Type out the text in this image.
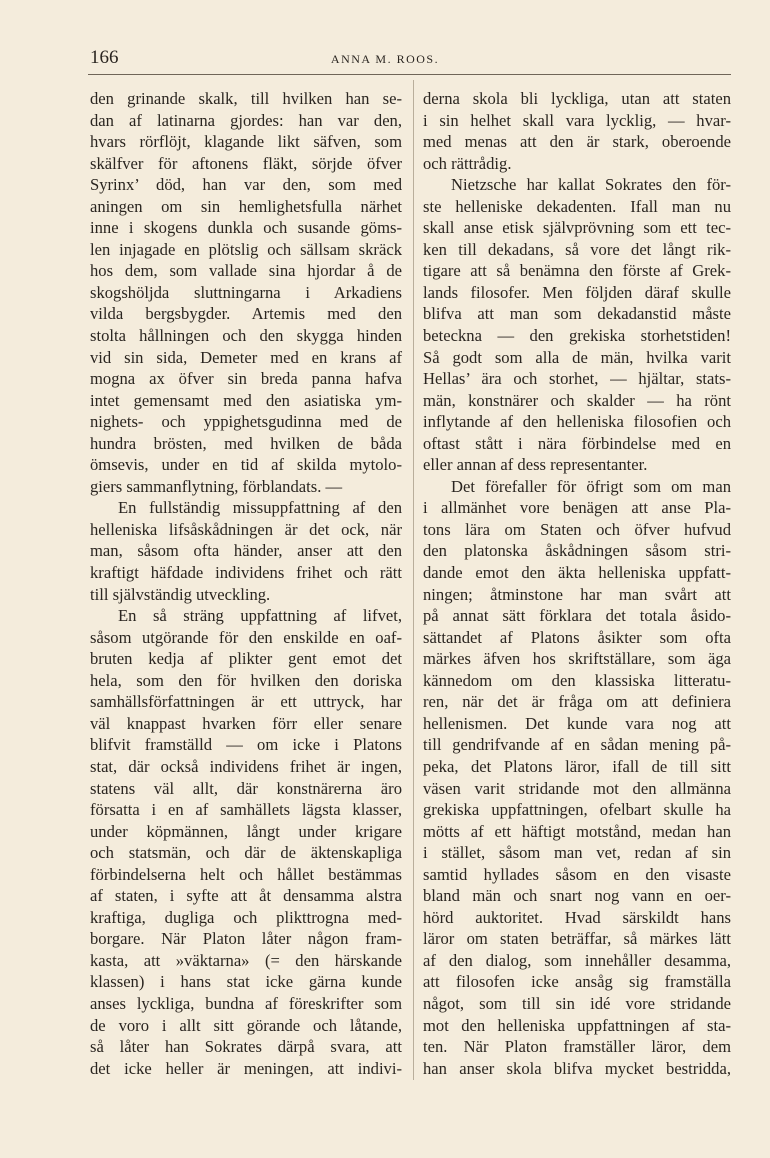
166	ANNA M. ROOS.
den grinande skalk, till hvilken han se-
dan af latinarna gjordes: han var den,
hvars rörflöjt, klagande likt säfven, som
skälfver för aftonens fläkt, sörjde öfver
Syrinx’ död, han var den, som med
aningen om sin hemlighetsfulla närhet
inne i skogens dunkla och susande göms-
len injagade en plötslig och sällsam skräck
hos dem, som vallade sina hjordar å de
skogshöljda sluttningarna i Arkadiens
vilda bergsbygder. Artemis med den
stolta hållningen och den skygga hinden
vid sin sida, Demeter med en krans af
mogna ax öfver sin breda panna hafva
intet gemensamt med den asiatiska ym-
nighets- och yppighetsgudinna med de
hundra brösten, med hvilken de båda
ömsevis, under en tid af skilda mytolo-
giers sammanflytning, förblandats. —
En fullständig missuppfattning af den
helleniska lifsåskådningen är det ock, när
man, såsom ofta händer, anser att den
kraftigt häfdade individens frihet och rätt
till självständig utveckling.
En så sträng uppfattning af lifvet,
såsom utgörande för den enskilde en oaf-
bruten kedja af plikter gent emot det
hela, som den för hvilken den doriska
samhällsförfattningen är ett uttryck, har
väl knappast hvarken förr eller senare
blifvit framställd — om icke i Platons
stat, där också individens frihet är ingen,
statens väl allt, där konstnärerna äro
försatta i en af samhällets lägsta klasser,
under köpmännen, långt under krigare
och statsmän, och där de äktenskapliga
förbindelserna helt och hållet bestämmas
af staten, i syfte att åt densamma alstra
kraftiga, dugliga och plikttrogna med-
borgare. När Platon låter någon fram-
kasta, att »väktarna» (= den härskande
klassen) i hans stat icke gärna kunde
anses lyckliga, bundna af föreskrifter som
de voro i allt sitt görande och låtande,
så låter han Sokrates därpå svara, att
det icke heller är meningen, att indivi-
derna skola bli lyckliga, utan att staten
i sin helhet skall vara lycklig, — hvar-
med menas att den är stark, oberoende
och rättrådig.
Nietzsche har kallat Sokrates den för-
ste helleniske dekadenten. Ifall man nu
skall anse etisk självprövning som ett tec-
ken till dekadans, så vore det långt rik-
tigare att så benämna den förste af Grek-
lands filosofer. Men följden däraf skulle
blifva att man som dekadanstid måste
beteckna — den grekiska storhetstiden!
Så godt som alla de män, hvilka varit
Hellas’ ära och storhet, — hjältar, stats-
män, konstnärer och skalder — ha rönt
inflytande af den helleniska filosofien och
oftast stått i nära förbindelse med en
eller annan af dess representanter.
Det förefaller för öfrigt som om man
i allmänhet vore benägen att anse Pla-
tons lära om Staten och öfver hufvud
den platonska åskådningen såsom stri-
dande emot den äkta helleniska uppfatt-
ningen; åtminstone har man svårt att
på annat sätt förklara det totala åsido-
sättandet af Platons åsikter som ofta
märkes äfven hos skriftställare, som äga
kännedom om den klassiska litteratu-
ren, när det är fråga om att definiera
hellenismen. Det kunde vara nog att
till gendrifvande af en sådan mening på-
peka, det Platons läror, ifall de till sitt
väsen varit stridande mot den allmänna
grekiska uppfattningen, ofelbart skulle ha
mötts af ett häftigt motstånd, medan han
i stället, såsom man vet, redan af sin
samtid hyllades såsom en den visaste
bland män och snart nog vann en oer-
hörd auktoritet. Hvad särskildt hans
läror om staten beträffar, så märkes lätt
af den dialog, som innehåller desamma,
att filosofen icke ansåg sig framställa
något, som till sin idé vore stridande
mot den helleniska uppfattningen af sta-
ten. När Platon framställer läror, dem
han anser skola blifva mycket bestridda,
